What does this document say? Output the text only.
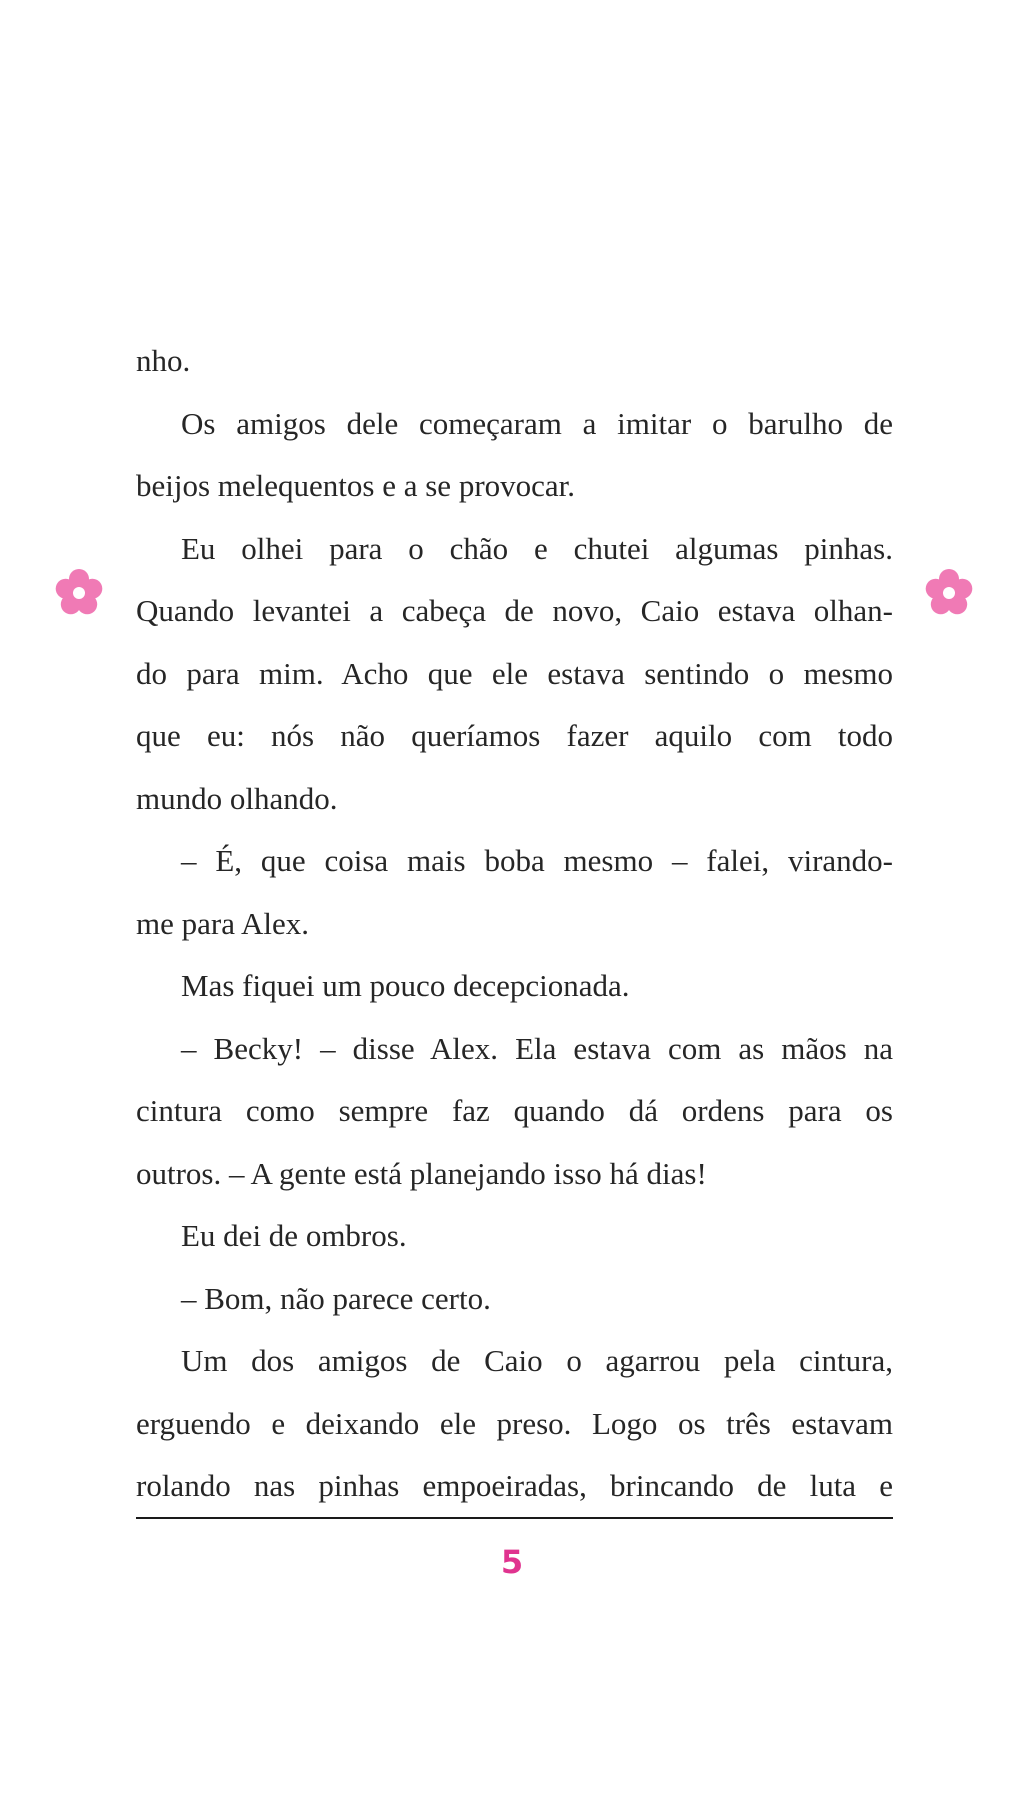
nho.
Os amigos dele começaram a imitar o barulho de
beijos melequentos e a se provocar.
Eu olhei para o chão e chutei algumas pinhas.
Quando levantei a cabeça de novo, Caio estava olhan-
do para mim. Acho que ele estava sentindo o mesmo
que eu: nós não queríamos fazer aquilo com todo
mundo olhando.
– É, que coisa mais boba mesmo – falei, virando-
me para Alex.
Mas fiquei um pouco decepcionada.
– Becky! – disse Alex. Ela estava com as mãos na
cintura como sempre faz quando dá ordens para os
outros. – A gente está planejando isso há dias!
Eu dei de ombros.
– Bom, não parece certo.
Um dos amigos de Caio o agarrou pela cintura,
erguendo e deixando ele preso. Logo os três estavam
rolando nas pinhas empoeiradas, brincando de luta e
5
